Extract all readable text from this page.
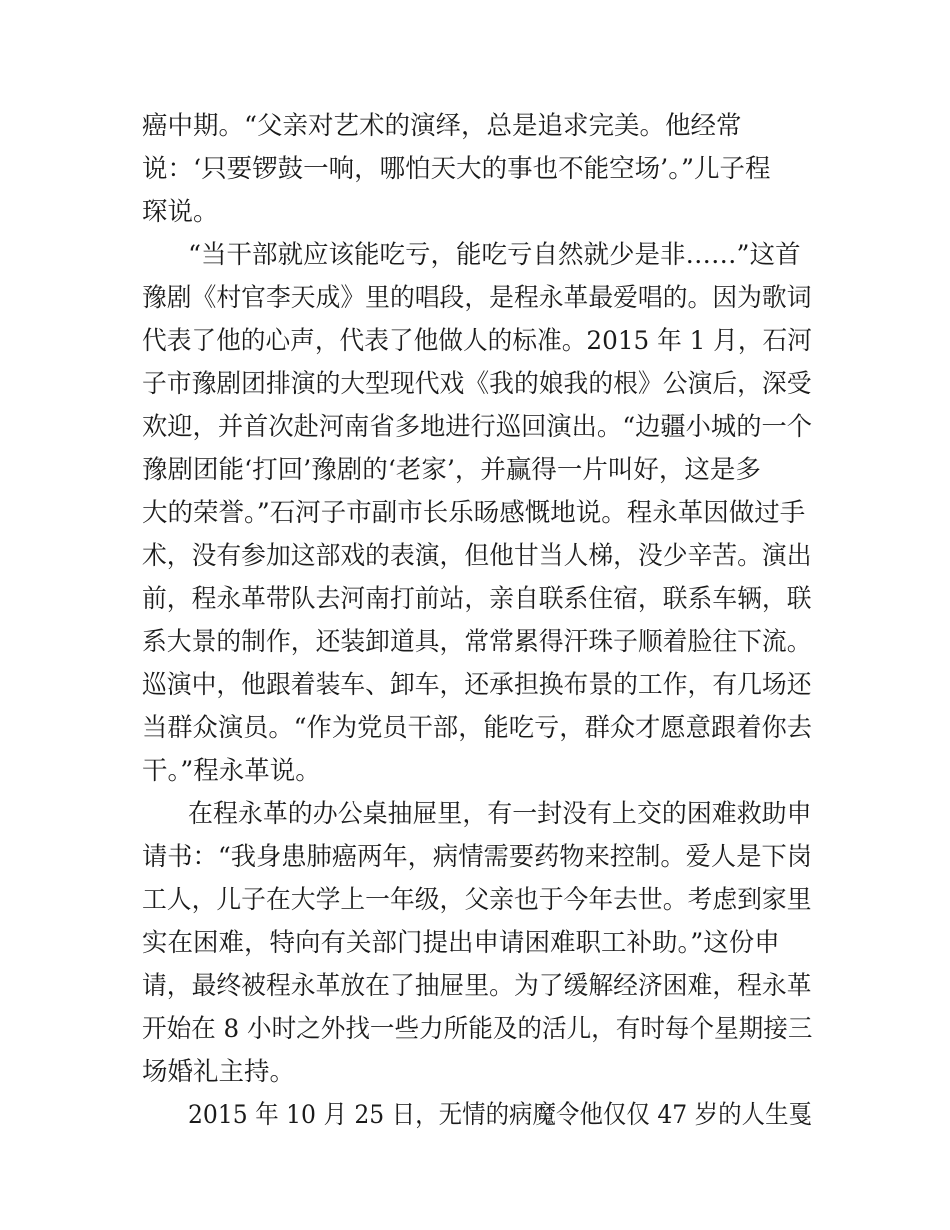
癌中期。“父亲对艺术的演绎，总是追求完美。他经常

说：‘只要锣鼓一响，哪怕天大的事也不能空场’。”儿子程

琛说。

“当干部就应该能吃亏，能吃亏自然就少是非……”这首

豫剧《村官李天成》里的唱段，是程永革最爱唱的。因为歌词

代表了他的心声，代表了他做人的标准。2015 年 1 月，石河

子市豫剧团排演的大型现代戏《我的娘我的根》公演后，深受

欢迎，并首次赴河南省多地进行巡回演出。“边疆小城的一个

豫剧团能‘打回’豫剧的‘老家’，并赢得一片叫好，这是多

大的荣誉。”石河子市副市长乐旸感慨地说。程永革因做过手

术，没有参加这部戏的表演，但他甘当人梯，没少辛苦。演出

前，程永革带队去河南打前站，亲自联系住宿，联系车辆，联

系大景的制作，还装卸道具，常常累得汗珠子顺着脸往下流。

巡演中，他跟着装车、卸车，还承担换布景的工作，有几场还

当群众演员。“作为党员干部，能吃亏，群众才愿意跟着你去

干。”程永革说。

在程永革的办公桌抽屉里，有一封没有上交的困难救助申

请书：“我身患肺癌两年，病情需要药物来控制。爱人是下岗

工人，儿子在大学上一年级，父亲也于今年去世。考虑到家里

实在困难，特向有关部门提出申请困难职工补助。”这份申

请，最终被程永革放在了抽屉里。为了缓解经济困难，程永革

开始在 8 小时之外找一些力所能及的活儿，有时每个星期接三

场婚礼主持。

2015 年 10 月 25 日，无情的病魔令他仅仅 47 岁的人生戛
